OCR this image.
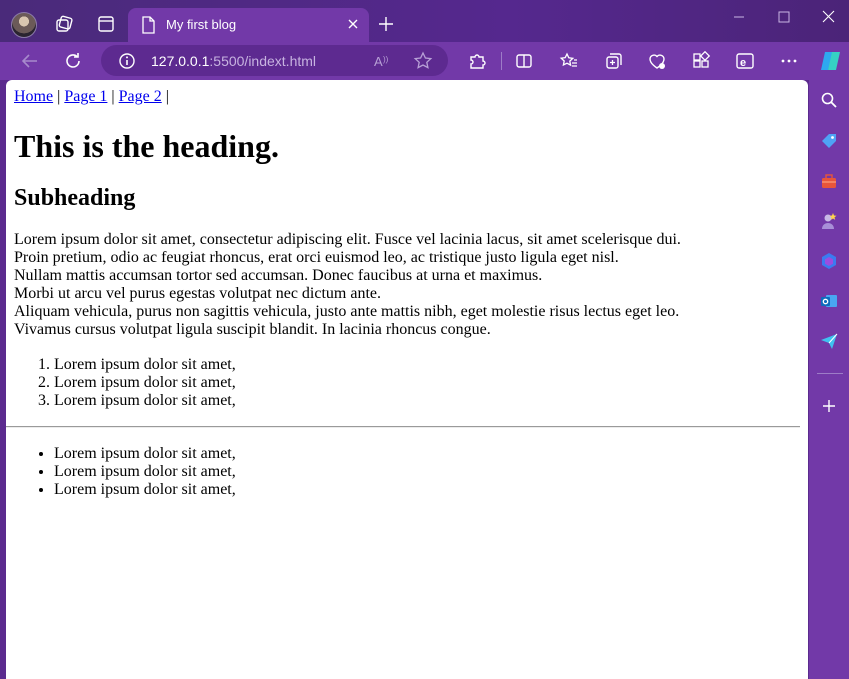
My first blog
127.0.0.1:5500/indext.html	A ))	e
Home | Page 1 | Page 2 |
This is the heading.
Subheading
Lorem ipsum dolor sit amet, consectetur adipiscing elit. Fusce vel lacinia lacus, sit amet scelerisque dui.
Proin pretium, odio ac feugiat rhoncus, erat orci euismod leo, ac tristique justo ligula eget nisl.
Nullam mattis accumsan tortor sed accumsan. Donec faucibus at urna et maximus.
Morbi ut arcu vel purus egestas volutpat nec dictum ante.
Aliquam vehicula, purus non sagittis vehicula, justo ante mattis nibh, eget molestie risus lectus eget leo.
Vivamus cursus volutpat ligula suscipit blandit. In lacinia rhoncus congue.
1. Lorem ipsum dolor sit amet,
2. Lorem ipsum dolor sit amet,
3. Lorem ipsum dolor sit amet,
• Lorem ipsum dolor sit amet,
• Lorem ipsum dolor sit amet,
• Lorem ipsum dolor sit amet,
